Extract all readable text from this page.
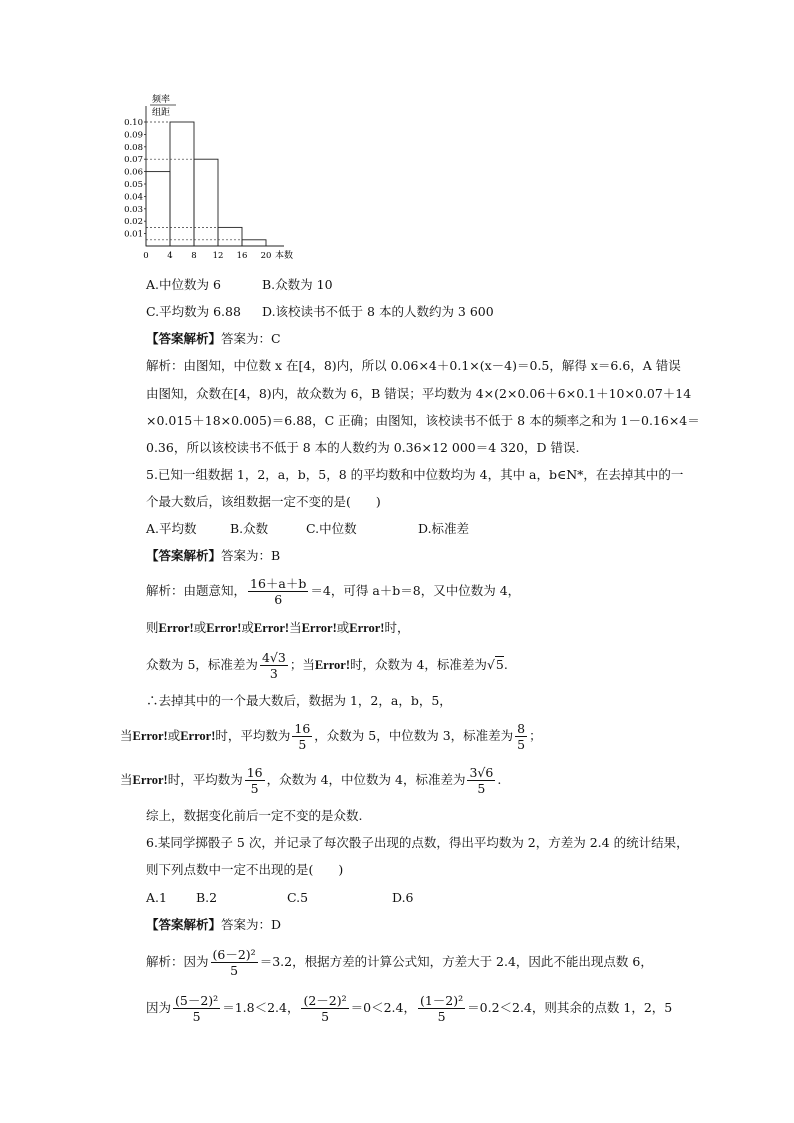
频率
组距
0.10
0.09
0.08
0.07
0.06
0.05
0.04
0.03
0.02
0.01
0 4 8 12 16 20 本数
A.中位数为 6	B.众数为 10
C.平均数为 6.88 D.该校读书不低于 8 本的人数约为 3 600
【答案解析】答案为：C
解析：由图知，中位数 x 在[4，8)内，所以 0.06×4＋0.1×(x－4)＝0.5，解得 x＝6.6，A 错误
由图知，众数在[4，8)内，故众数为 6，B 错误；平均数为 4×(2×0.06＋6×0.1＋10×0.07＋14
×0.015＋18×0.005)＝6.88，C 正确；由图知，该校读书不低于 8 本的频率之和为 1－0.16×4＝
0.36，所以该校读书不低于 8 本的人数约为 0.36×12 000＝4 320，D 错误.
5.已知一组数据 1，2，a，b，5，8 的平均数和中位数均为 4，其中 a，b∈N*，在去掉其中的一
个最大数后，该组数据一定不变的是(　　)
A.平均数	B.众数	C.中位数	D.标准差
【答案解析】答案为：B
解析：由题意知， $\frac{16+a+b}{6} =4$，可得 a＋b＝8，又中位数为 4，
则Error!或Error!或Error!当Error!或Error!时，
众数为 5，标准差为 $\frac{4√3}{3}$ ；当Error!时，众数为 4，标准差为√5.
∴去掉其中的一个最大数后，数据为 1，2，a，b，5，
当Error!或Error!时，平均数为 $\frac{16}{5}$ ，众数为 5，中位数为 3，标准差为 $\frac{8}{5}$ ；
当Error!时，平均数为 $\frac{16}{5}$ ，众数为 4，中位数为 4，标准差为 $\frac{3√6}{5}$ .
综上，数据变化前后一定不变的是众数.
6.某同学掷骰子 5 次，并记录了每次骰子出现的点数，得出平均数为 2，方差为 2.4 的统计结果，
则下列点数中一定不出现的是(　　)
A.1 B.2	C.5	D.6
【答案解析】答案为：D
解析：因为 $\frac{\text{(6－2)²}}{5} =3.2$，根据方差的计算公式知，方差大于 2.4，因此不能出现点数 6，
因为 $\frac{\text{(5－2)²}}{5} =1.8<2.4$， $\frac{\text{(2－2)²}}{5} =0<2.4$， $\frac{\text{(1－2)²}}{5} =0.2<2.4$，则其余的点数 1，2，5
